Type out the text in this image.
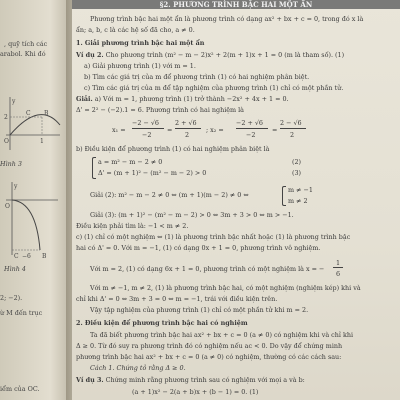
, quỹ tích các
arabol. Khi đó
y
C
2
B
O	1
Hình 3
y
O
C −6 B
Hình 4
2; −2).
ừ M đến trục
iểm của OC.
§2. PHƯƠNG TRÌNH BẬC HAI MỘT ẨN
Phương trình bậc hai một ẩn là phương trình có dạng ax² + bx + c = 0, trong đó x là
ẩn; a, b, c là các hệ số đã cho, a ≠ 0.
1. Giải phương trình bậc hai một ẩn
Ví dụ 2. Cho phương trình (m² − m − 2)x² + 2(m + 1)x + 1 = 0 (m là tham số). (1)
a) Giải phương trình (1) với m = 1.
b) Tìm các giá trị của m để phương trình (1) có hai nghiệm phân biệt.
c) Tìm các giá trị của m để tập nghiệm của phương trình (1) chỉ có một phần tử.
Giải. a) Với m = 1, phương trình (1) trở thành −2x² + 4x + 1 = 0.
Δ' = 2² − (−2).1 = 6. Phương trình có hai nghiệm là
x₁ =
−2 − √6
−2
=
2 + √6
2
; x₂ =
−2 + √6
−2
=
2 − √6
2
b) Điều kiện để phương trình (1) có hai nghiệm phân biệt là
a = m² − m − 2 ≠ 0
Δ' = (m + 1)² − (m² − m − 2) > 0
(2)
(3)
Giải (2): m² − m − 2 ≠ 0 ⇔ (m + 1)(m − 2) ≠ 0 ⇔
m ≠ −1
m ≠ 2
Giải (3): (m + 1)² − (m² − m − 2) > 0 ⇔ 3m + 3 > 0 ⇔ m > −1.
Điều kiện phải tìm là: −1 < m ≠ 2.
c) (1) chỉ có một nghiệm ⇔ (1) là phương trình bậc nhất hoặc (1) là phương trình bậc
hai có Δ' = 0. Với m = −1, (1) có dạng 0x + 1 = 0, phương trình vô nghiệm.
Với m = 2, (1) có dạng 6x + 1 = 0, phương trình có một nghiệm là x = −
1
6
Với m ≠ −1, m ≠ 2, (1) là phương trình bậc hai, có một nghiệm (nghiệm kép) khi và
chỉ khi Δ' = 0 ⇔ 3m + 3 = 0 ⇔ m = −1, trái với điều kiện trên.
Vậy tập nghiệm của phương trình (1) chỉ có một phần tử khi m = 2.
2. Điều kiện để phương trình bậc hai có nghiệm
Ta đã biết phương trình bậc hai ax² + bx + c = 0 (a ≠ 0) có nghiệm khi và chỉ khi
Δ ≥ 0. Từ đó suy ra phương trình đó có nghiệm nếu ac < 0. Do vậy để chứng minh
phương trình bậc hai ax² + bx + c = 0 (a ≠ 0) có nghiệm, thường có các cách sau:
Cách 1. Chứng tỏ rằng Δ ≥ 0.
Ví dụ 3. Chứng minh rằng phương trình sau có nghiệm với mọi a và b:
(a + 1)x² − 2(a + b)x + (b − 1) = 0. (1)
